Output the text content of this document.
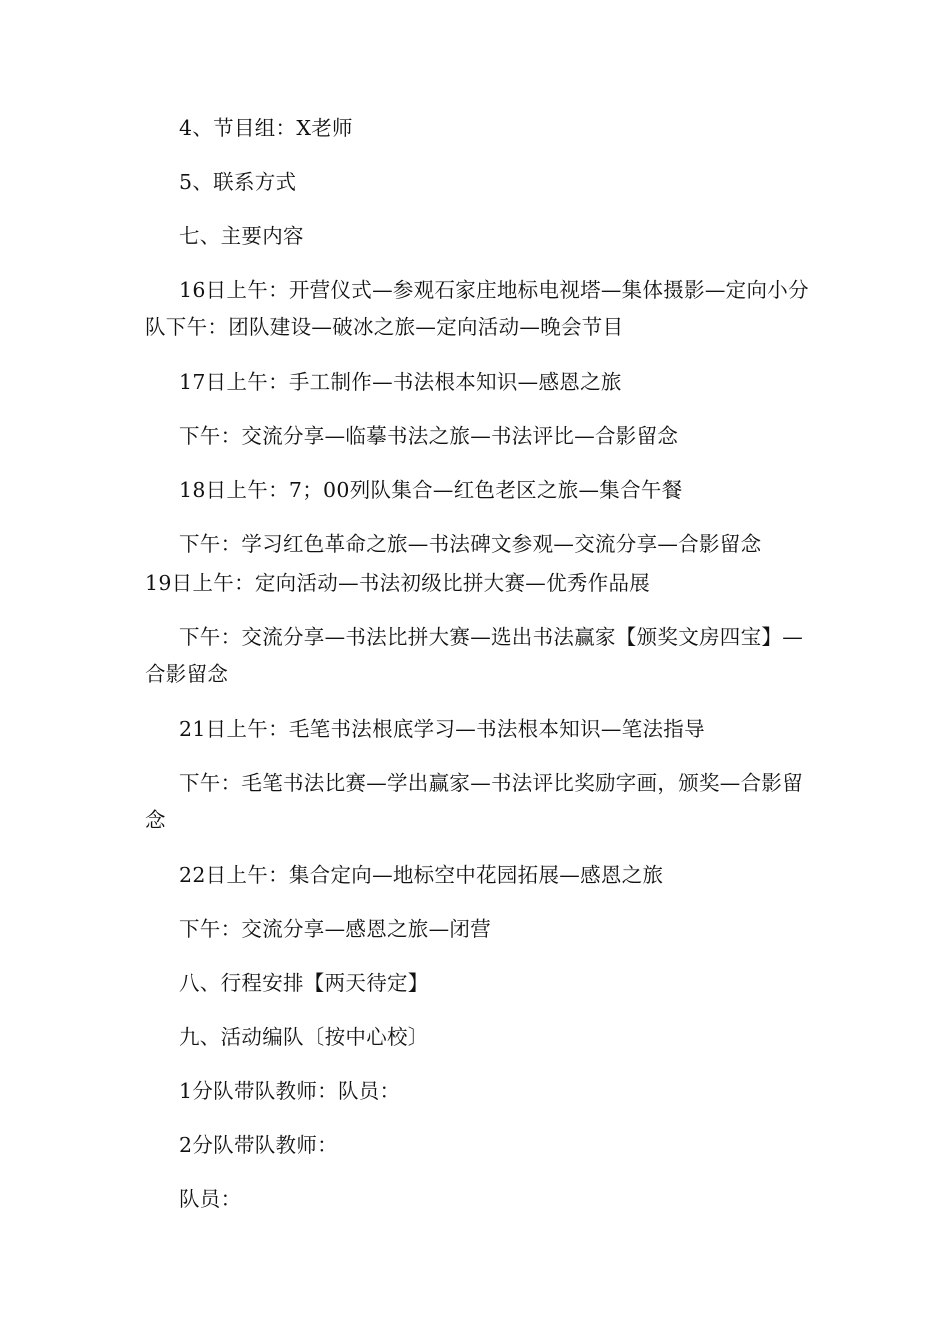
4、节目组：X老师

5、联系方式

七、主要内容

16日上午：开营仪式—参观石家庄地标电视塔—集体摄影—定向小分队下午：团队建设—破冰之旅—定向活动—晚会节目

17日上午：手工制作—书法根本知识—感恩之旅

下午：交流分享—临摹书法之旅—书法评比—合影留念

18日上午：7；00列队集合—红色老区之旅—集合午餐

下午：学习红色革命之旅—书法碑文参观—交流分享—合影留念

19日上午：定向活动—书法初级比拼大赛—优秀作品展

下午：交流分享—书法比拼大赛—选出书法赢家【颁奖文房四宝】—合影留念

21日上午：毛笔书法根底学习—书法根本知识—笔法指导

下午：毛笔书法比赛—学出赢家—书法评比奖励字画，颁奖—合影留念

22日上午：集合定向—地标空中花园拓展—感恩之旅

下午：交流分享—感恩之旅—闭营

八、行程安排【两天待定】

九、活动编队〔按中心校〕

1分队带队教师：队员：

2分队带队教师：

队员：
